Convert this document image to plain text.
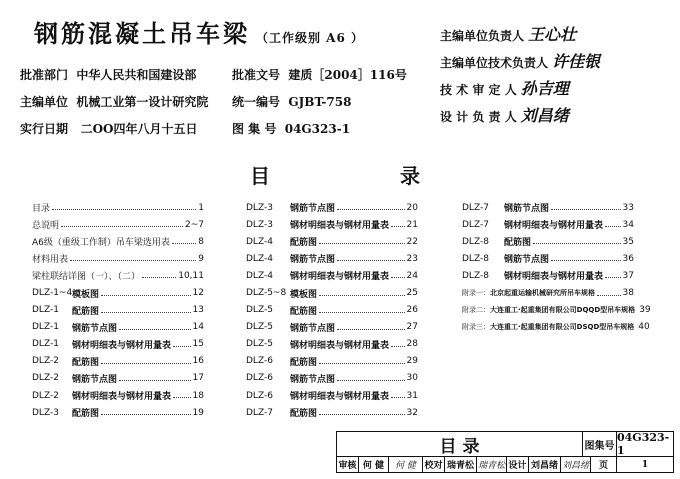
钢筋混凝土吊车梁 （工作级别 A6 ）
批准部门 中华人民共和国建设部	批准文号 建质［2004］116号
主编单位 机械工业第一设计研究院 统一编号 GJBT-758
实行日期 二OO四年八月十五日	图 集 号 04G323-1
主编单位负责人 王心壮
主编单位技术负责人 许佳银
技 术 审 定 人 孙吉理
设 计 负 责 人 刘昌绪
目	录
目录	1
总说明	2~7
A6级（重级工作制）吊车梁选用表	8
材料用表	9
梁柱联结详图（一）、（二）	10,11
DLZ-1~4 模板图	12
DLZ-1	配筋图	13
DLZ-1	钢筋节点图	14
DLZ-1	钢材明细表与钢材用量表 15
DLZ-2	配筋图	16
DLZ-2	钢筋节点图	17
DLZ-2	钢材明细表与钢材用量表 18
DLZ-3	配筋图	19
DLZ-3	钢筋节点图	20
DLZ-3	钢材明细表与钢材用量表 21
DLZ-4	配筋图	22
DLZ-4	钢筋节点图	23
DLZ-4	钢材明细表与钢材用量表 24
DLZ-5~8 模板图	25
DLZ-5	配筋图	26
DLZ-5	钢筋节点图	27
DLZ-5	钢材明细表与钢材用量表 28
DLZ-6	配筋图	29
DLZ-6	钢筋节点图	30
DLZ-6	钢材明细表与钢材用量表 31
DLZ-7	配筋图	32
DLZ-7	钢筋节点图	33
DLZ-7	钢材明细表与钢材用量表 34
DLZ-8	配筋图	35
DLZ-8	钢筋节点图	36
DLZ-8	钢材明细表与钢材用量表 37
附录一： 北京起重运输机械研究所吊车规格	38
附录二： 大连重工·起重集团有限公司DQQD型吊车规格 39
附录三： 大连重工·起重集团有限公司DSQD型吊车规格 40
目 录	图集号
04G323-1
审核 何 健	何 健 校对 瑞青松 瑞青松 设计 刘昌绪 刘昌绪	页	1
